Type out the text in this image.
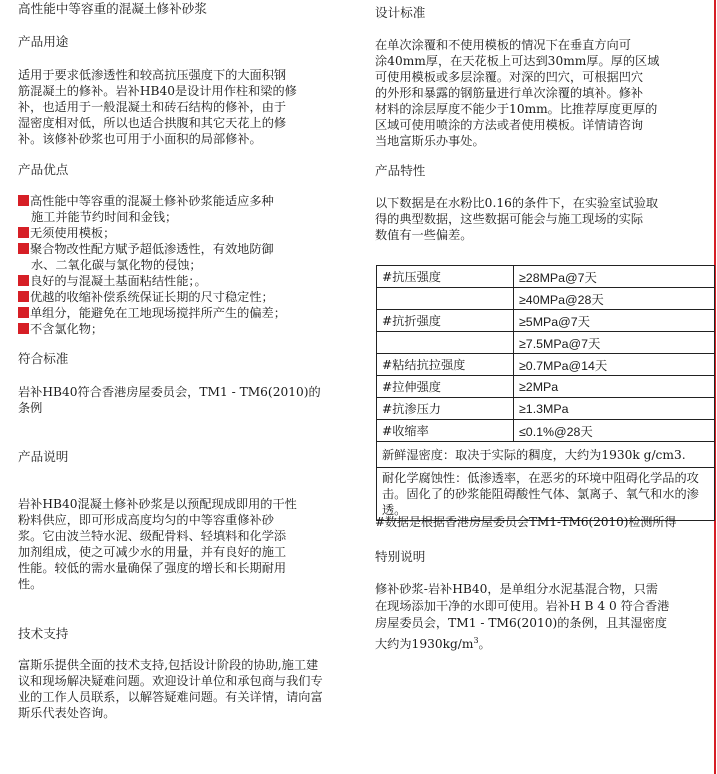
高性能中等容重的混凝土修补砂浆
产品用途
适用于要求低渗透性和较高抗压强度下的大面积钢
筋混凝土的修补。岩补HB40是设计用作柱和梁的修
补，也适用于一般混凝土和砖石结构的修补，由于
湿密度相对低，所以也适合拱腹和其它天花上的修
补。该修补砂浆也可用于小面积的局部修补。
产品优点
高性能中等容重的混凝土修补砂浆能适应多种
施工并能节约时间和金钱；
无须使用模板；
聚合物改性配方赋予超低渗透性，有效地防御
水、二氧化碳与氯化物的侵蚀；
良好的与混凝土基面粘结性能；。
优越的收缩补偿系统保证长期的尺寸稳定性；
单组分，能避免在工地现场搅拌所产生的偏差；
不含氯化物；
符合标准
岩补HB40符合香港房屋委员会，TM1 - TM6(2010)的
条例
产品说明
岩补HB40混凝土修补砂浆是以预配现成即用的干性
粉料供应，即可形成高度均匀的中等容重修补砂
浆。它由波兰特水泥、级配骨料、轻填料和化学添
加剂组成，使之可减少水的用量，并有良好的施工
性能。较低的需水量确保了强度的增长和长期耐用
性。
技术支持
富斯乐提供全面的技术支持,包括设计阶段的协助,施工建
议和现场解决疑难问题。欢迎设计单位和承包商与我们专
业的工作人员联系，以解答疑难问题。有关详情，请向富
斯乐代表处咨询。
设计标准
在单次涂覆和不使用模板的情况下在垂直方向可
涂40mm厚，在天花板上可达到30mm厚。厚的区域
可使用模板或多层涂覆。对深的凹穴，可根据凹穴
的外形和暴露的钢筋量进行单次涂覆的填补。修补
材料的涂层厚度不能少于10mm。比推荐厚度更厚的
区域可使用喷涂的方法或者使用模板。详情请咨询
当地富斯乐办事处。
产品特性
以下数据是在水粉比0.16的条件下，在实验室试验取
得的典型数据，这些数据可能会与施工现场的实际
数值有一些偏差。
#抗压强度	≥28MPa@7天
	≥40MPa@28天
#抗折强度	≥5MPa@7天
	≥7.5MPa@7天
#粘结抗拉强度	≥0.7MPa@14天
#拉伸强度	≥2MPa
#抗渗压力	≥1.3MPa
#收缩率	≤0.1%@28天
新鲜湿密度：取决于实际的稠度，大约为1930k g/cm3.	
耐化学腐蚀性：低渗透率，在恶劣的环境中阻碍化学品的攻击。固化了的砂浆能阻碍酸性气体、氯离子、氧气和水的渗透。	
#数据是根据香港房屋委员会TM1-TM6(2010)检测所得
特别说明
修补砂浆-岩补HB40，是单组分水泥基混合物，只需
在现场添加干净的水即可使用。岩补H B 4 0 符合香港
房屋委员会，TM1 - TM6(2010)的条例，且其湿密度
大约为$1930kg/m^3$。
